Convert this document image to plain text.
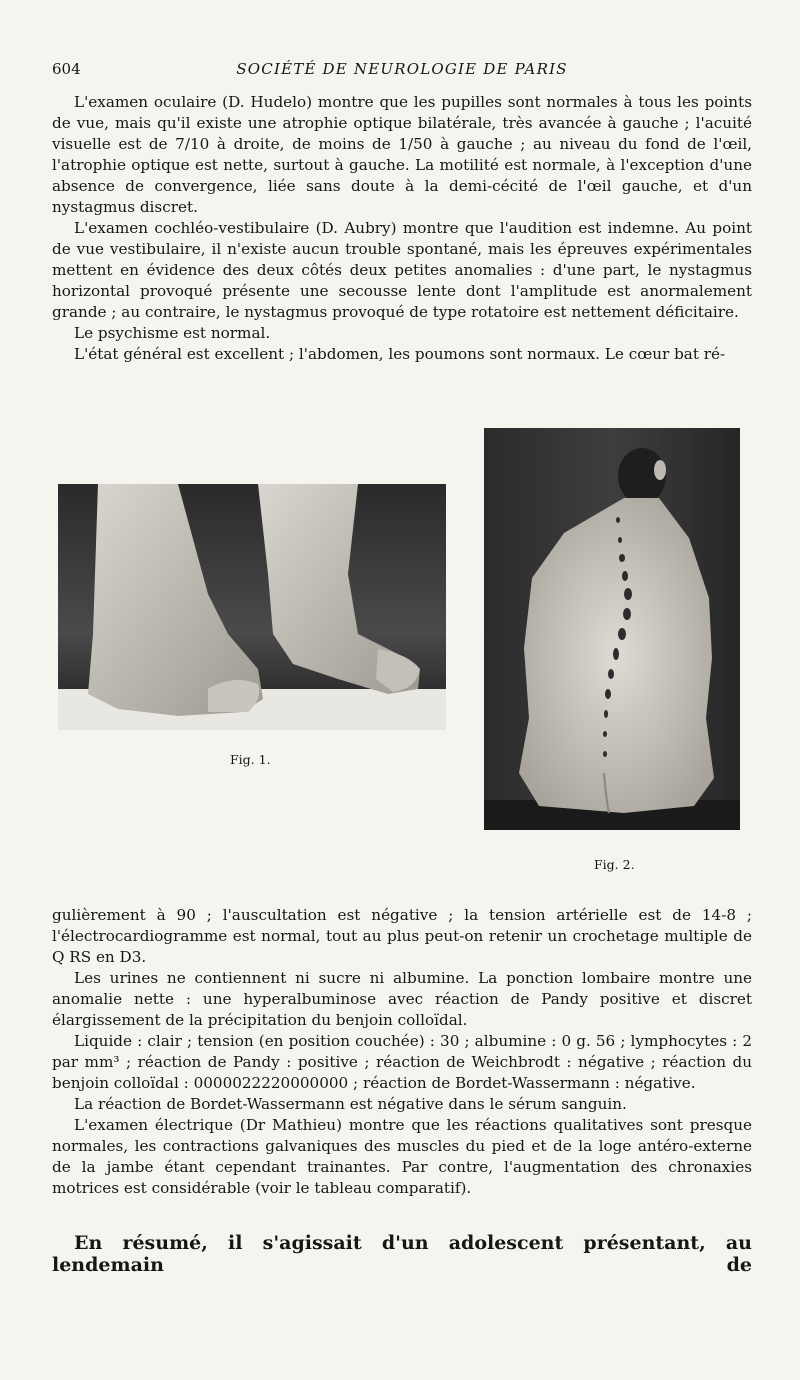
604	SOCIÉTÉ DE NEUROLOGIE DE PARIS

L'examen oculaire (D. Hudelo) montre que les pupilles sont normales à tous les points de vue, mais qu'il existe une atrophie optique bilatérale, très avancée à gauche ; l'acuité visuelle est de 7/10 à droite, de moins de 1/50 à gauche ; au niveau du fond de l'œil, l'atrophie optique est nette, surtout à gauche. La motilité est normale, à l'exception d'une absence de convergence, liée sans doute à la demi-cécité de l'œil gauche, et d'un nystagmus discret.

L'examen cochléo-vestibulaire (D. Aubry) montre que l'audition est indemne. Au point de vue vestibulaire, il n'existe aucun trouble spontané, mais les épreuves expérimentales mettent en évidence des deux côtés deux petites anomalies : d'une part, le nystagmus horizontal provoqué présente une secousse lente dont l'amplitude est anormalement grande ; au contraire, le nystagmus provoqué de type rotatoire est nettement déficitaire.

Le psychisme est normal.

L'état général est excellent ; l'abdomen, les poumons sont normaux. Le cœur bat ré-

Fig. 1.
Fig. 2.

gulièrement à 90 ; l'auscultation est négative ; la tension artérielle est de 14-8 ; l'électrocardiogramme est normal, tout au plus peut-on retenir un crochetage multiple de Q RS en D3.

Les urines ne contiennent ni sucre ni albumine. La ponction lombaire montre une anomalie nette : une hyperalbuminose avec réaction de Pandy positive et discret élargissement de la précipitation du benjoin colloïdal.

Liquide : clair ; tension (en position couchée) : 30 ; albumine : 0 g. 56 ; lymphocytes : 2 par mm³ ; réaction de Pandy : positive ; réaction de Weichbrodt : négative ; réaction du benjoin colloïdal : 0000022220000000 ; réaction de Bordet-Wassermann : négative.

La réaction de Bordet-Wassermann est négative dans le sérum sanguin.

L'examen électrique (Dr Mathieu) montre que les réactions qualitatives sont presque normales, les contractions galvaniques des muscles du pied et de la loge antéro-externe de la jambe étant cependant trainantes. Par contre, l'augmentation des chronaxies motrices est considérable (voir le tableau comparatif).

En résumé, il s'agissait d'un adolescent présentant, au lendemain de
